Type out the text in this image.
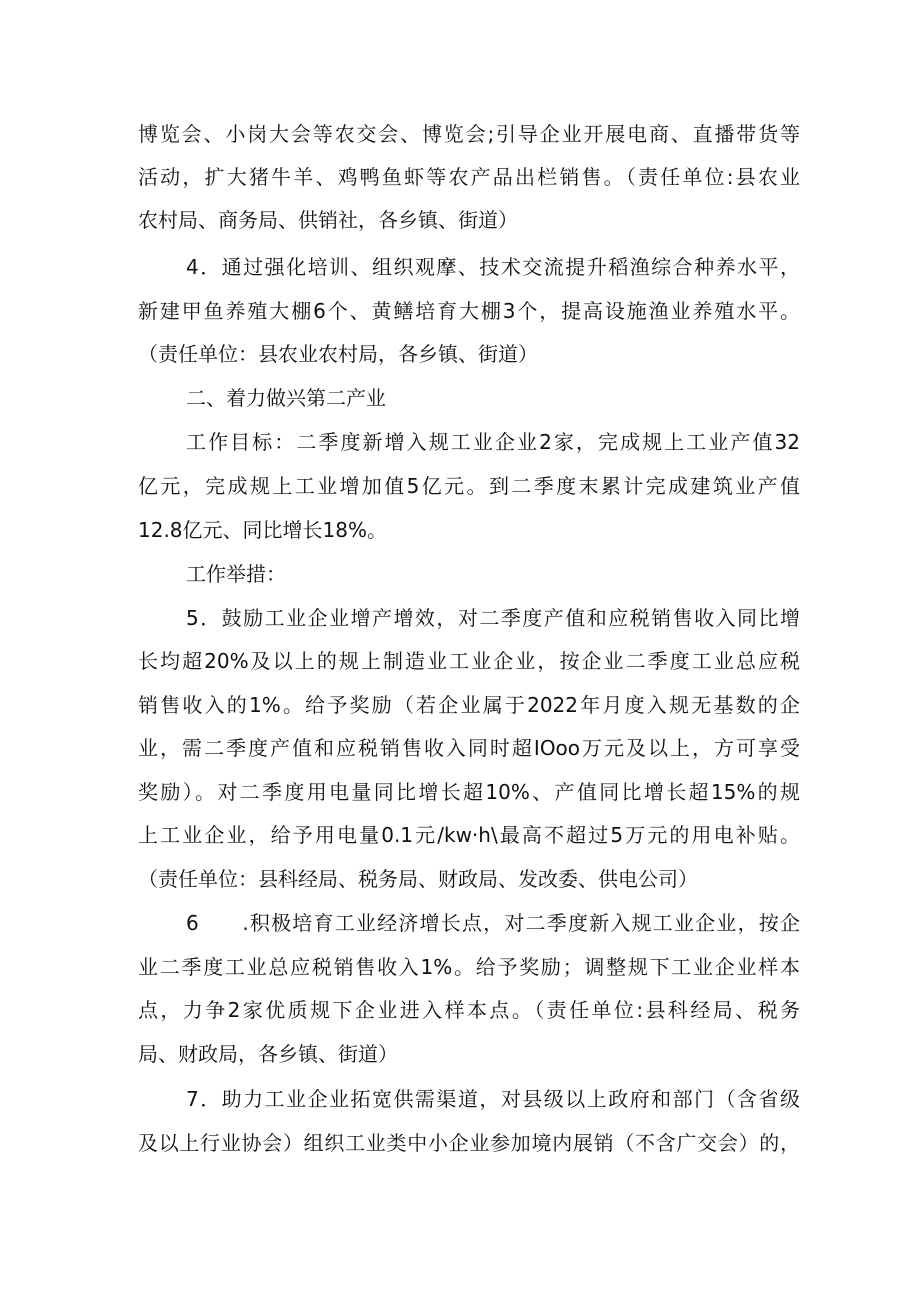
博览会、小岗大会等农交会、博览会;引导企业开展电商、直播带货等
活动，扩大猪牛羊、鸡鸭鱼虾等农产品出栏销售。（责任单位:县农业
农村局、商务局、供销社，各乡镇、街道）
4．通过强化培训、组织观摩、技术交流提升稻渔综合种养水平，
新建甲鱼养殖大棚6个、黄鳝培育大棚3个，提高设施渔业养殖水平。
（责任单位：县农业农村局，各乡镇、街道）
二、着力做兴第二产业
工作目标：二季度新增入规工业企业2家，完成规上工业产值32
亿元，完成规上工业增加值5亿元。到二季度末累计完成建筑业产值
12.8亿元、同比增长18%。
工作举措：
5．鼓励工业企业增产增效，对二季度产值和应税销售收入同比增
长均超20%及以上的规上制造业工业企业，按企业二季度工业总应税
销售收入的1%。给予奖励（若企业属于2022年月度入规无基数的企
业，需二季度产值和应税销售收入同时超IOoo万元及以上，方可享受
奖励）。对二季度用电量同比增长超10%、产值同比增长超15%的规
上工业企业，给予用电量0.1元/kw·h\最高不超过5万元的用电补贴。
（责任单位：县科经局、税务局、财政局、发改委、供电公司）
6　　.积极培育工业经济增长点，对二季度新入规工业企业，按企
业二季度工业总应税销售收入1%。给予奖励；调整规下工业企业样本
点，力争2家优质规下企业进入样本点。（责任单位:县科经局、税务
局、财政局，各乡镇、街道）
7．助力工业企业拓宽供需渠道，对县级以上政府和部门（含省级
及以上行业协会）组织工业类中小企业参加境内展销（不含广交会）的，
